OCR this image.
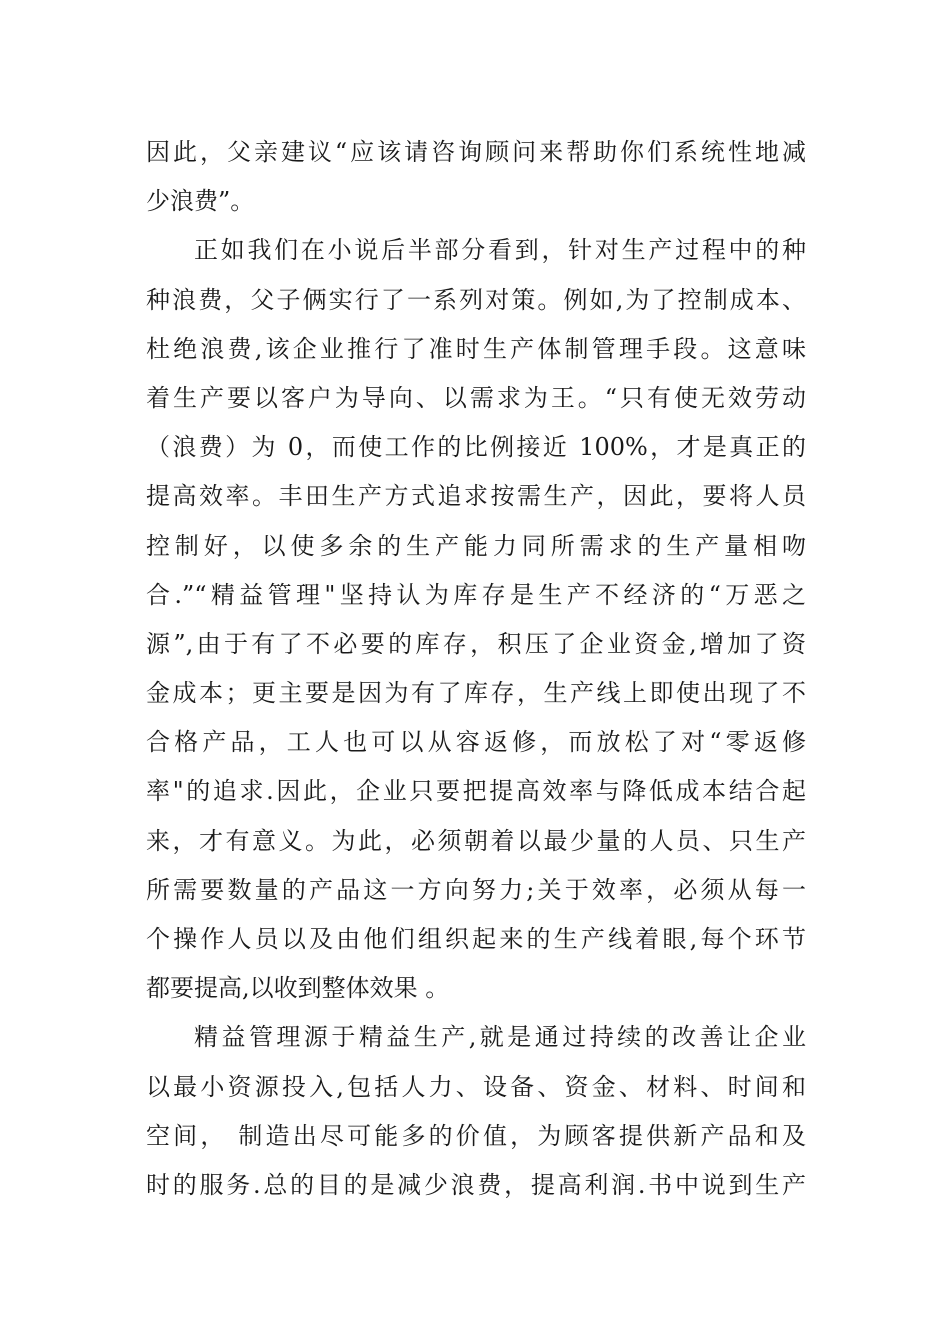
因此，父亲建议“应该请咨询顾问来帮助你们系统性地减
少浪费”。
正如我们在小说后半部分看到，针对生产过程中的种
种浪费，父子俩实行了一系列对策。例如,为了控制成本、
杜绝浪费,该企业推行了准时生产体制管理手段。这意味
着生产要以客户为导向、以需求为王。“只有使无效劳动
（浪费）为 0，而使工作的比例接近 100%，才是真正的
提高效率。丰田生产方式追求按需生产，因此，要将人员
控制好，以使多余的生产能力同所需求的生产量相吻
合.”“精益管理"坚持认为库存是生产不经济的“万恶之
源”,由于有了不必要的库存，积压了企业资金,增加了资
金成本；更主要是因为有了库存，生产线上即使出现了不
合格产品，工人也可以从容返修，而放松了对“零返修
率"的追求.因此，企业只要把提高效率与降低成本结合起
来，才有意义。为此，必须朝着以最少量的人员、只生产
所需要数量的产品这一方向努力;关于效率，必须从每一
个操作人员以及由他们组织起来的生产线着眼,每个环节
都要提高,以收到整体效果 。
精益管理源于精益生产,就是通过持续的改善让企业
以最小资源投入,包括人力、设备、资金、材料、时间和
空间， 制造出尽可能多的价值，为顾客提供新产品和及
时的服务.总的目的是减少浪费，提高利润.书中说到生产
